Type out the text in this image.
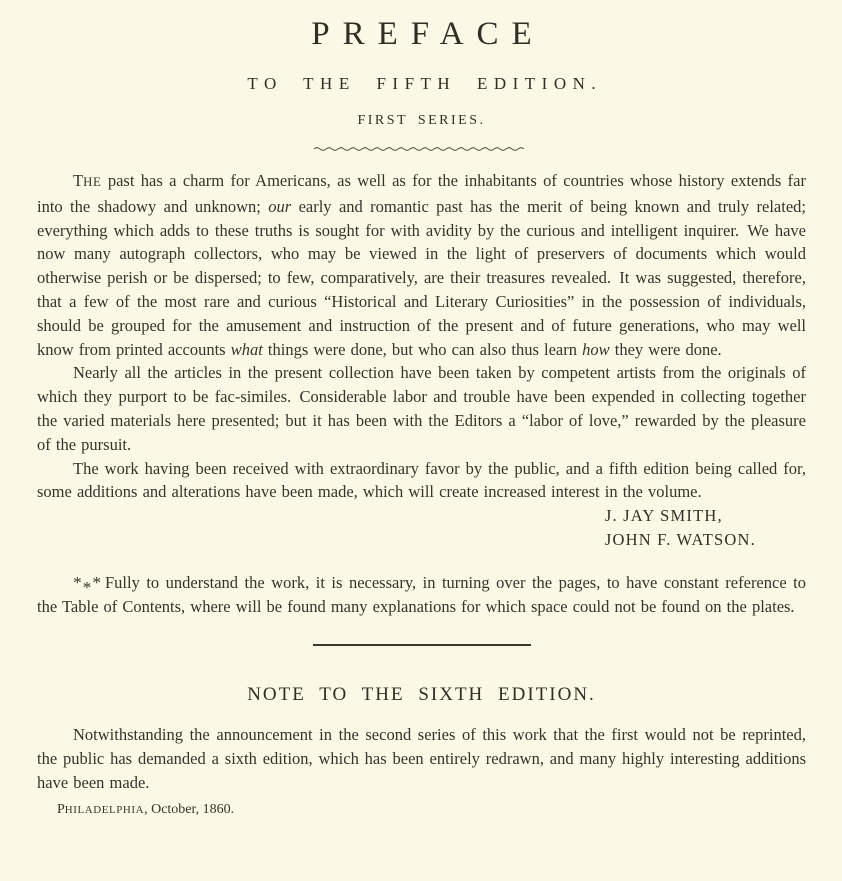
PREFACE
TO THE FIFTH EDITION.
FIRST SERIES.

THE past has a charm for Americans, as well as for the inhabitants of countries whose history extends far into the shadowy and unknown; our early and romantic past has the merit of being known and truly related; everything which adds to these truths is sought for with avidity by the curious and intelligent inquirer. We have now many autograph collectors, who may be viewed in the light of preservers of documents which would otherwise perish or be dispersed; to few, comparatively, are their treasures revealed. It was suggested, therefore, that a few of the most rare and curious “Historical and Literary Curiosities” in the possession of individuals, should be grouped for the amusement and instruction of the present and of future generations, who may well know from printed accounts what things were done, but who can also thus learn how they were done.

Nearly all the articles in the present collection have been taken by competent artists from the originals of which they purport to be fac-similes. Considerable labor and trouble have been expended in collecting together the varied materials here presented; but it has been with the Editors a “labor of love,” rewarded by the pleasure of the pursuit.

The work having been received with extraordinary favor by the public, and a fifth edition being called for, some additions and alterations have been made, which will create increased interest in the volume.

J. JAY SMITH,
JOHN F. WATSON.

*** Fully to understand the work, it is necessary, in turning over the pages, to have constant reference to the Table of Contents, where will be found many explanations for which space could not be found on the plates.

NOTE TO THE SIXTH EDITION.

Notwithstanding the announcement in the second series of this work that the first would not be reprinted, the public has demanded a sixth edition, which has been entirely redrawn, and many highly interesting additions have been made.

PHILADELPHIA, October, 1860.
